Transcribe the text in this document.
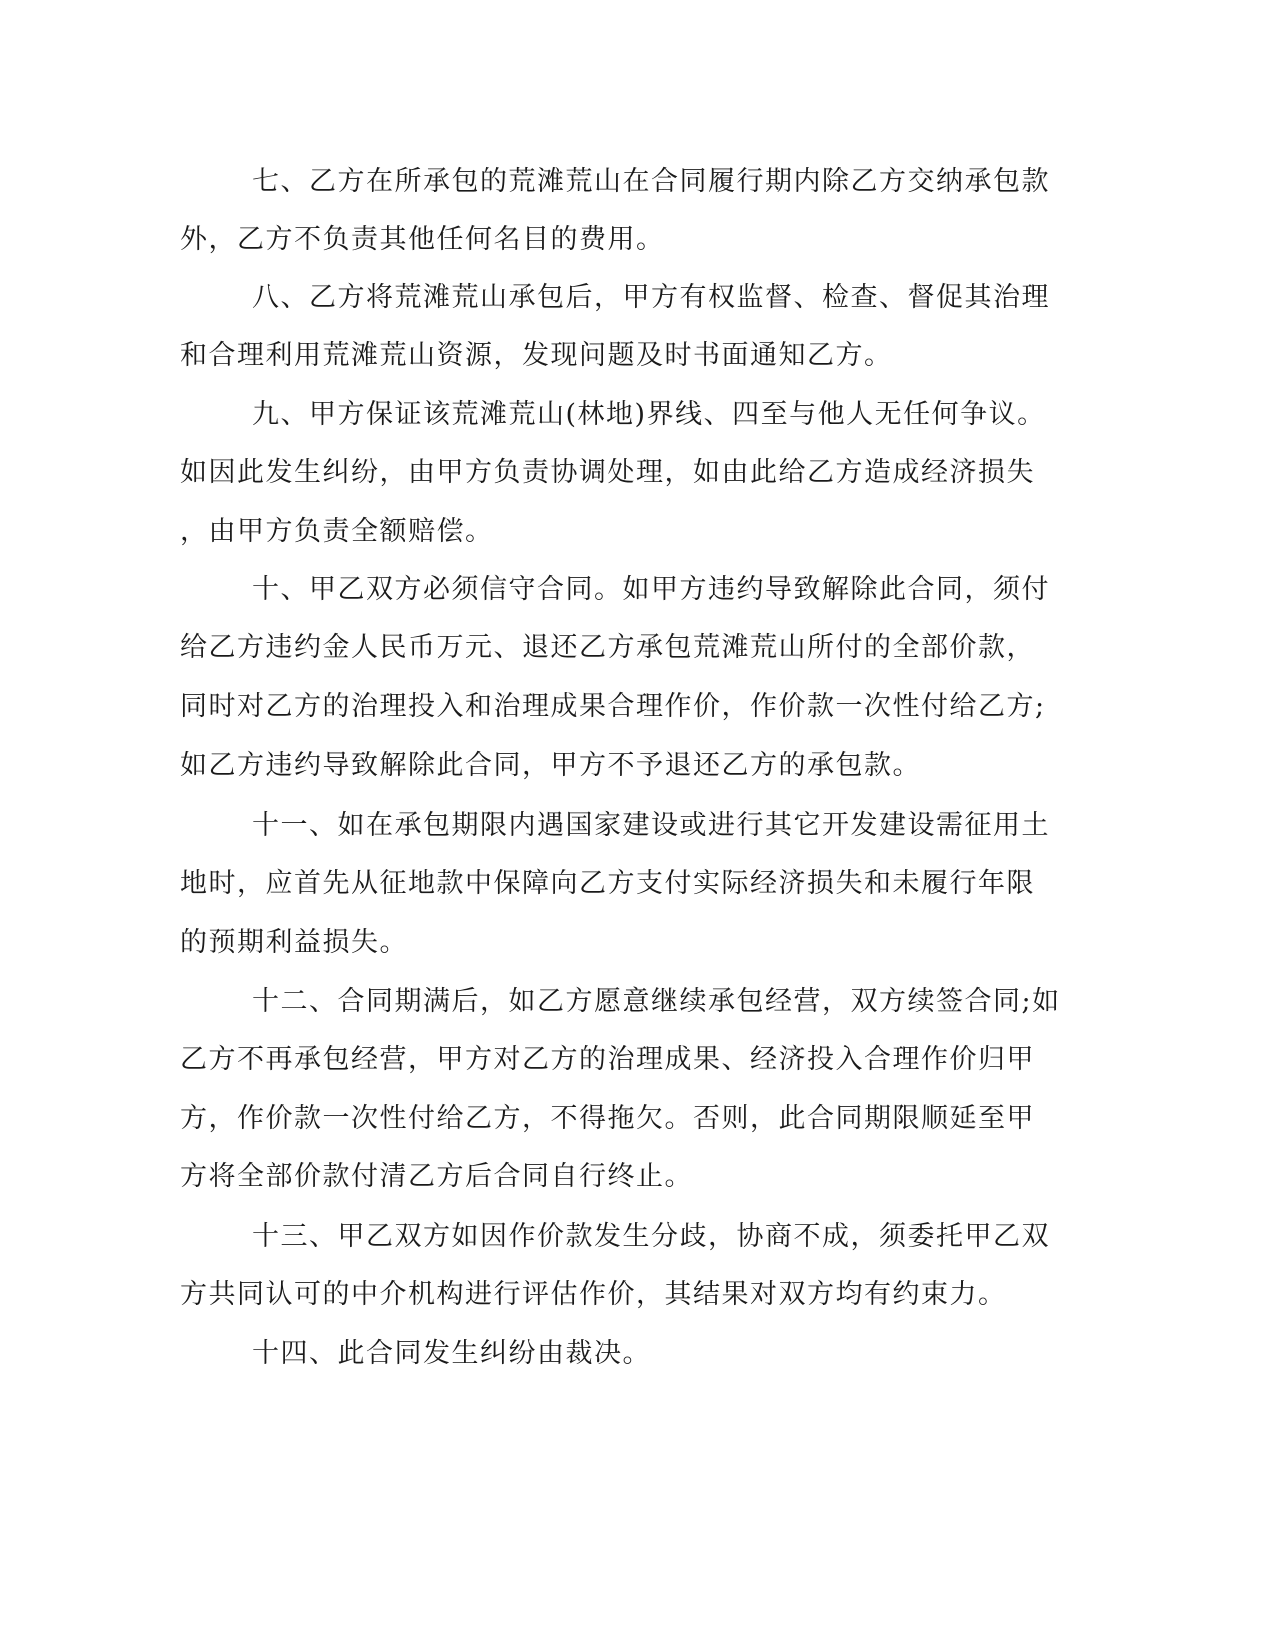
七、乙方在所承包的荒滩荒山在合同履行期内除乙方交纳承包款
外，乙方不负责其他任何名目的费用。
八、乙方将荒滩荒山承包后，甲方有权监督、检查、督促其治理
和合理利用荒滩荒山资源，发现问题及时书面通知乙方。
九、甲方保证该荒滩荒山(林地)界线、四至与他人无任何争议。
如因此发生纠纷，由甲方负责协调处理，如由此给乙方造成经济损失
，由甲方负责全额赔偿。
十、甲乙双方必须信守合同。如甲方违约导致解除此合同，须付
给乙方违约金人民币万元、退还乙方承包荒滩荒山所付的全部价款，
同时对乙方的治理投入和治理成果合理作价，作价款一次性付给乙方;
如乙方违约导致解除此合同，甲方不予退还乙方的承包款。
十一、如在承包期限内遇国家建设或进行其它开发建设需征用土
地时，应首先从征地款中保障向乙方支付实际经济损失和未履行年限
的预期利益损失。
十二、合同期满后，如乙方愿意继续承包经营，双方续签合同;如
乙方不再承包经营，甲方对乙方的治理成果、经济投入合理作价归甲
方，作价款一次性付给乙方，不得拖欠。否则，此合同期限顺延至甲
方将全部价款付清乙方后合同自行终止。
十三、甲乙双方如因作价款发生分歧，协商不成，须委托甲乙双
方共同认可的中介机构进行评估作价，其结果对双方均有约束力。
十四、此合同发生纠纷由裁决。
